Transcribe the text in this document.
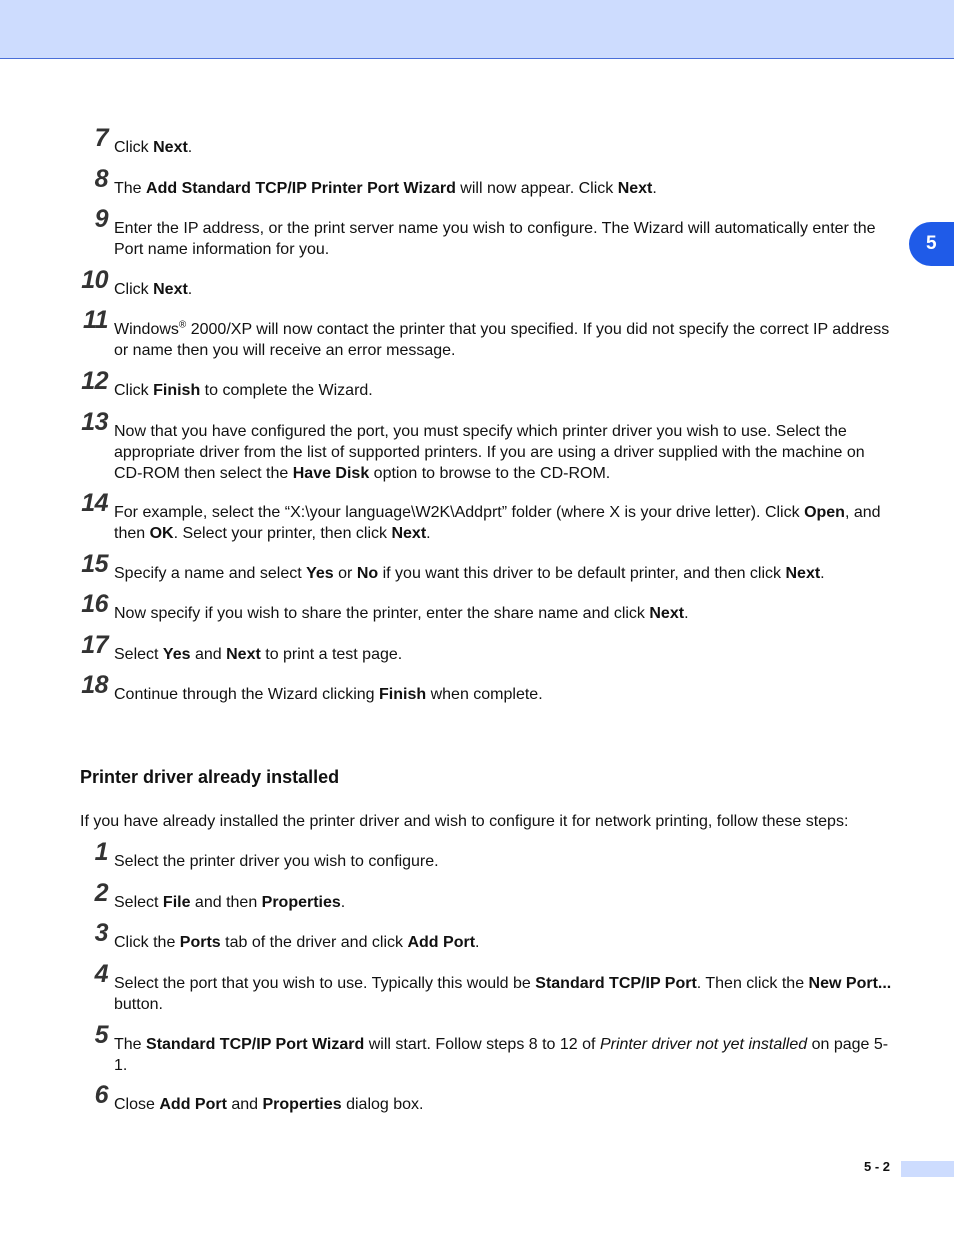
5
7 Click Next.
8 The Add Standard TCP/IP Printer Port Wizard will now appear. Click Next.
9 Enter the IP address, or the print server name you wish to configure. The Wizard will automatically enter the Port name information for you.
10 Click Next.
11 Windows® 2000/XP will now contact the printer that you specified. If you did not specify the correct IP address or name then you will receive an error message.
12 Click Finish to complete the Wizard.
13 Now that you have configured the port, you must specify which printer driver you wish to use. Select the appropriate driver from the list of supported printers. If you are using a driver supplied with the machine on CD-ROM then select the Have Disk option to browse to the CD-ROM.
14 For example, select the “X:\your language\W2K\Addprt” folder (where X is your drive letter). Click Open, and then OK. Select your printer, then click Next.
15 Specify a name and select Yes or No if you want this driver to be default printer, and then click Next.
16 Now specify if you wish to share the printer, enter the share name and click Next.
17 Select Yes and Next to print a test page.
18 Continue through the Wizard clicking Finish when complete.
Printer driver already installed
If you have already installed the printer driver and wish to configure it for network printing, follow these steps:
1 Select the printer driver you wish to configure.
2 Select File and then Properties.
3 Click the Ports tab of the driver and click Add Port.
4 Select the port that you wish to use. Typically this would be Standard TCP/IP Port. Then click the New Port... button.
5 The Standard TCP/IP Port Wizard will start. Follow steps 8 to 12 of Printer driver not yet installed on page 5-1.
6 Close Add Port and Properties dialog box.
5 - 2
